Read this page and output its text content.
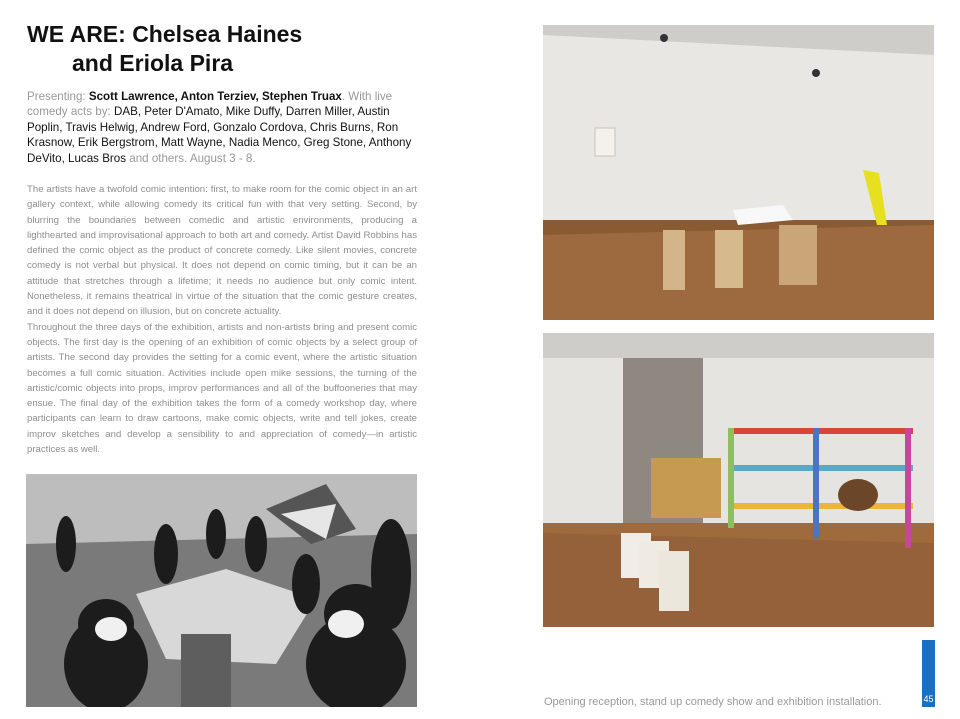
WE ARE: Chelsea Haines
and Eriola Pira
Presenting: Scott Lawrence, Anton Terziev, Stephen Truax. With live comedy acts by: DAB, Peter D'Amato, Mike Duffy, Darren Miller, Austin Poplin, Travis Helwig, Andrew Ford, Gonzalo Cordova, Chris Burns, Ron Krasnow, Erik Bergstrom, Matt Wayne, Nadia Menco, Greg Stone, Anthony DeVito, Lucas Bros and others. August 3 - 8.

The artists have a twofold comic intention: first, to make room for the comic object in an art gallery context, while allowing comedy its critical fun with that very setting. Second, by blurring the boundaries between comedic and artistic environments, producing a lighthearted and improvisational approach to both art and comedy. Artist David Robbins has defined the comic object as the product of concrete comedy. Like silent movies, concrete comedy is not verbal but physical. It does not depend on comic timing, but it can be an attitude that stretches through a lifetime; it needs no audience but only comic intent. Nonetheless, it remains theatrical in virtue of the situation that the comic gesture creates, and it does not depend on illusion, but on concrete actuality.

Throughout the three days of the exhibition, artists and non-artists bring and present comic objects. The first day is the opening of an exhibition of comic objects by a select group of artists. The second day provides the setting for a comic event, where the artistic situation becomes a full comic situation. Activities include open mike sessions, the turning of the artistic/comic objects into props, improv performances and all of the buffooneries that may ensue. The final day of the exhibition takes the form of a comedy workshop day, where participants can learn to draw cartoons, make comic objects, write and tell jokes, create improv sketches and develop a sensibility to and appreciation of comedy—in artistic practices as well.

Opening reception, stand up comedy show and exhibition installation.	45
